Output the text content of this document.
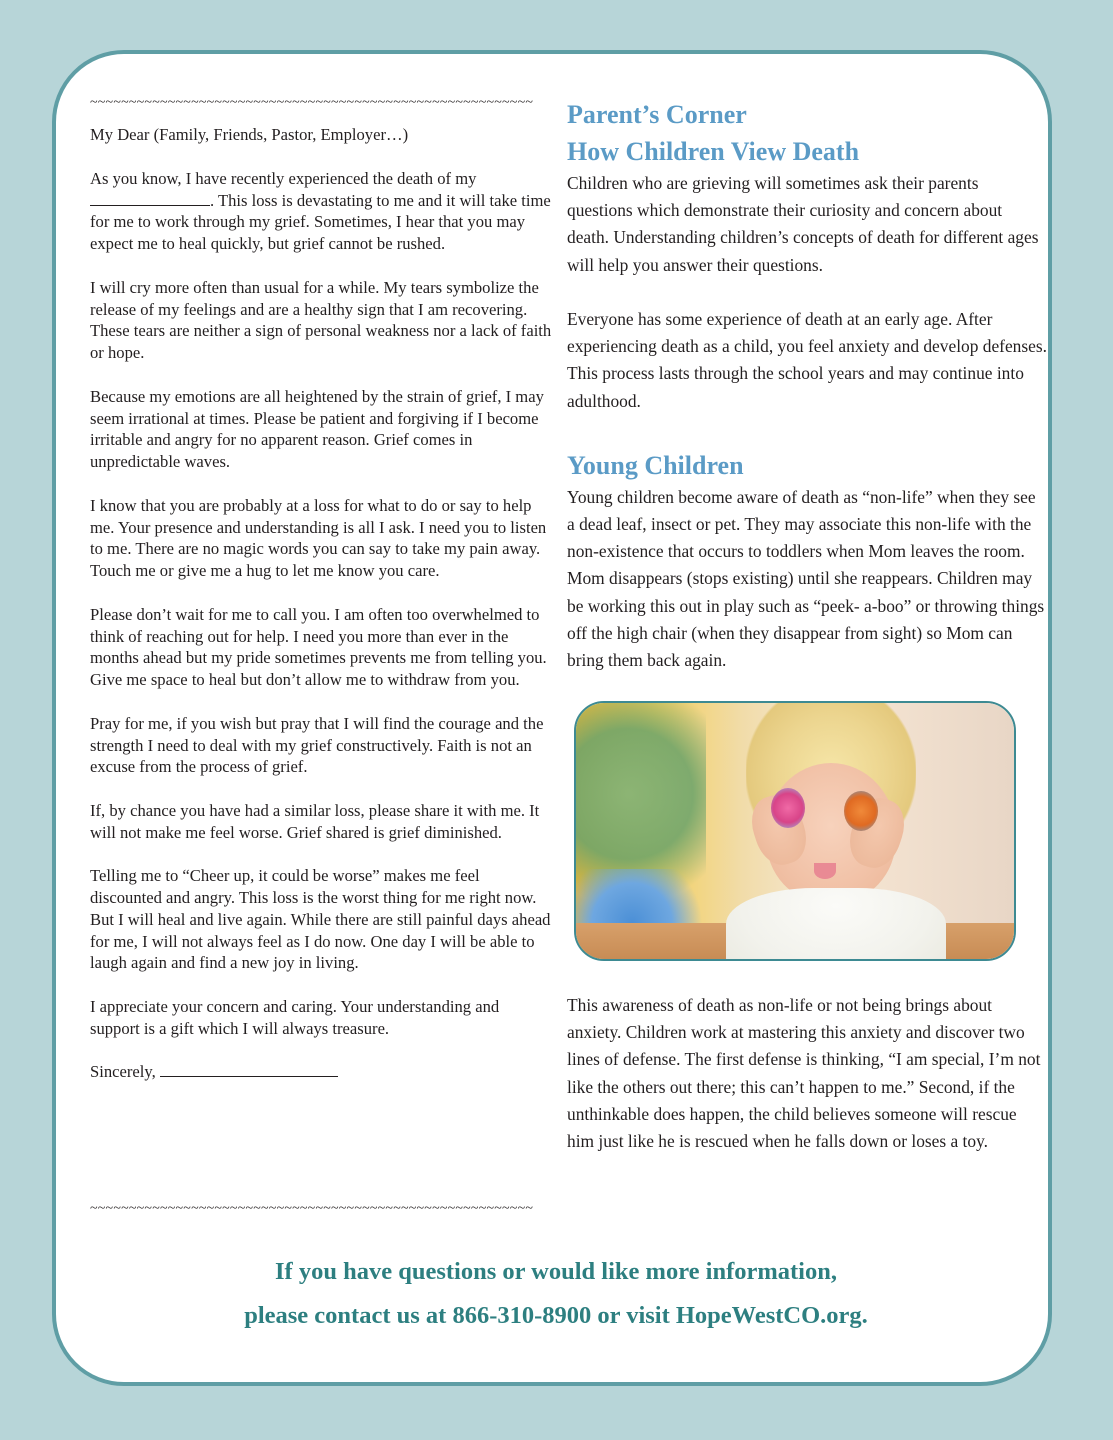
~~~~~~~~~~~~~~~~~~~~~~~~~~~~~~~~~~~~~~~~~~~~~~~~~~~~~~~~~

My Dear (Family, Friends, Pastor, Employer…)

As you know, I have recently experienced the death of my
. This loss is devastating to me and it will take time for me to work through my grief. Sometimes, I hear that you may expect me to heal quickly, but grief cannot be rushed.

I will cry more often than usual for a while. My tears symbolize the release of my feelings and are a healthy sign that I am recovering. These tears are neither a sign of personal weakness nor a lack of faith or hope.

Because my emotions are all heightened by the strain of grief, I may seem irrational at times. Please be patient and forgiving if I become irritable and angry for no apparent reason. Grief comes in unpredictable waves.

I know that you are probably at a loss for what to do or say to help me. Your presence and understanding is all I ask. I need you to listen to me. There are no magic words you can say to take my pain away. Touch me or give me a hug to let me know you care.

Please don’t wait for me to call you. I am often too overwhelmed to think of reaching out for help. I need you more than ever in the months ahead but my pride sometimes prevents me from telling you. Give me space to heal but don’t allow me to withdraw from you.

Pray for me, if you wish but pray that I will find the courage and the strength I need to deal with my grief constructively. Faith is not an excuse from the process of grief.

If, by chance you have had a similar loss, please share it with me. It will not make me feel worse. Grief shared is grief diminished.

Telling me to “Cheer up, it could be worse” makes me feel discounted and angry. This loss is the worst thing for me right now. But I will heal and live again. While there are still painful days ahead for me, I will not always feel as I do now. One day I will be able to laugh again and find a new joy in living.

I appreciate your concern and caring. Your understanding and support is a gift which I will always treasure.

Sincerely,

~~~~~~~~~~~~~~~~~~~~~~~~~~~~~~~~~~~~~~~~~~~~~~~~~~~~~~~~~
Parent’s Corner
How Children View Death

Children who are grieving will sometimes ask their parents questions which demonstrate their curiosity and concern about death. Understanding children’s concepts of death for different ages will help you answer their questions.

Everyone has some experience of death at an early age. After experiencing death as a child, you feel anxiety and develop defenses. This process lasts through the school years and may continue into adulthood.

Young Children

Young children become aware of death as “non-life” when they see a dead leaf, insect or pet. They may associate this non-life with the non-existence that occurs to toddlers when Mom leaves the room. Mom disappears (stops existing) until she reappears. Children may be working this out in play such as “peek- a-boo” or throwing things off the high chair (when they disappear from sight) so Mom can bring them back again.

This awareness of death as non-life or not being brings about anxiety. Children work at mastering this anxiety and discover two lines of defense. The first defense is thinking, “I am special, I’m not like the others out there; this can’t happen to me.” Second, if the unthinkable does happen, the child believes someone will rescue him just like he is rescued when he falls down or loses a toy.

If you have questions or would like more information,
please contact us at 866-310-8900 or visit HopeWestCO.org.
